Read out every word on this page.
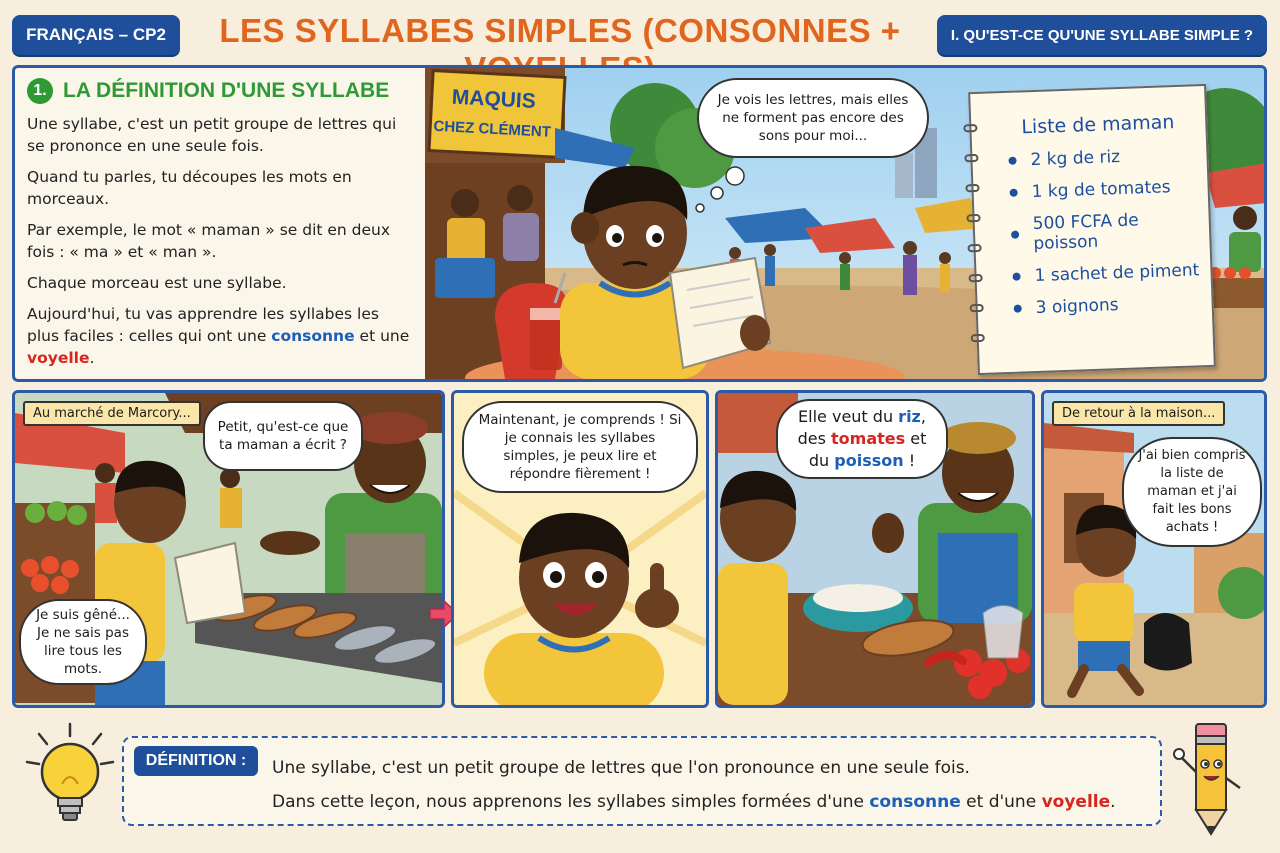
FRANÇAIS – CP2	LES SYLLABES SIMPLES (CONSONNES +	I. QU'EST-CE QU'UNE SYLLABE SIMPLE ?
1. LA DÉFINITION D'UNE SYLLABE

Une syllabe, c'est un petit groupe de lettres qui se prononce en une seule fois.

Quand tu parles, tu découpes les mots en morceaux.

Par exemple, le mot « maman » se dit en deux fois : « ma » et « man ».

Chaque morceau est une syllabe.

Aujourd'hui, tu vas apprendre les syllabes les plus faciles : celles qui ont une consonne et une voyelle.

MAQUIS
CHEZ CLÉMENT
Je vois les lettres, mais elles ne forment pas encore des sons pour moi...	Liste de maman
2 kg de riz
1 kg de tomates
500 FCFA de poisson
1 sachet de piment
3 oignons
Au marché de Marcory...
Petit, qu'est-ce que ta maman a écrit ?
Je suis gêné... Je ne sais pas lire tous les mots.
Maintenant, je comprends ! Si je connais les syllabes simples, je peux lire et répondre fièrement !
Elle veut du riz,
des tomates et
du poisson !
De retour à la maison...
J'ai bien compris la liste de maman et j'ai fait les bons achats !
DÉFINITION :	Une syllabe, c'est un petit groupe de lettres que l'on pronounce en une seule fois.
Dans cette leçon, nous apprenons les syllabes simples formées d'une consonne et d'une voyelle.
